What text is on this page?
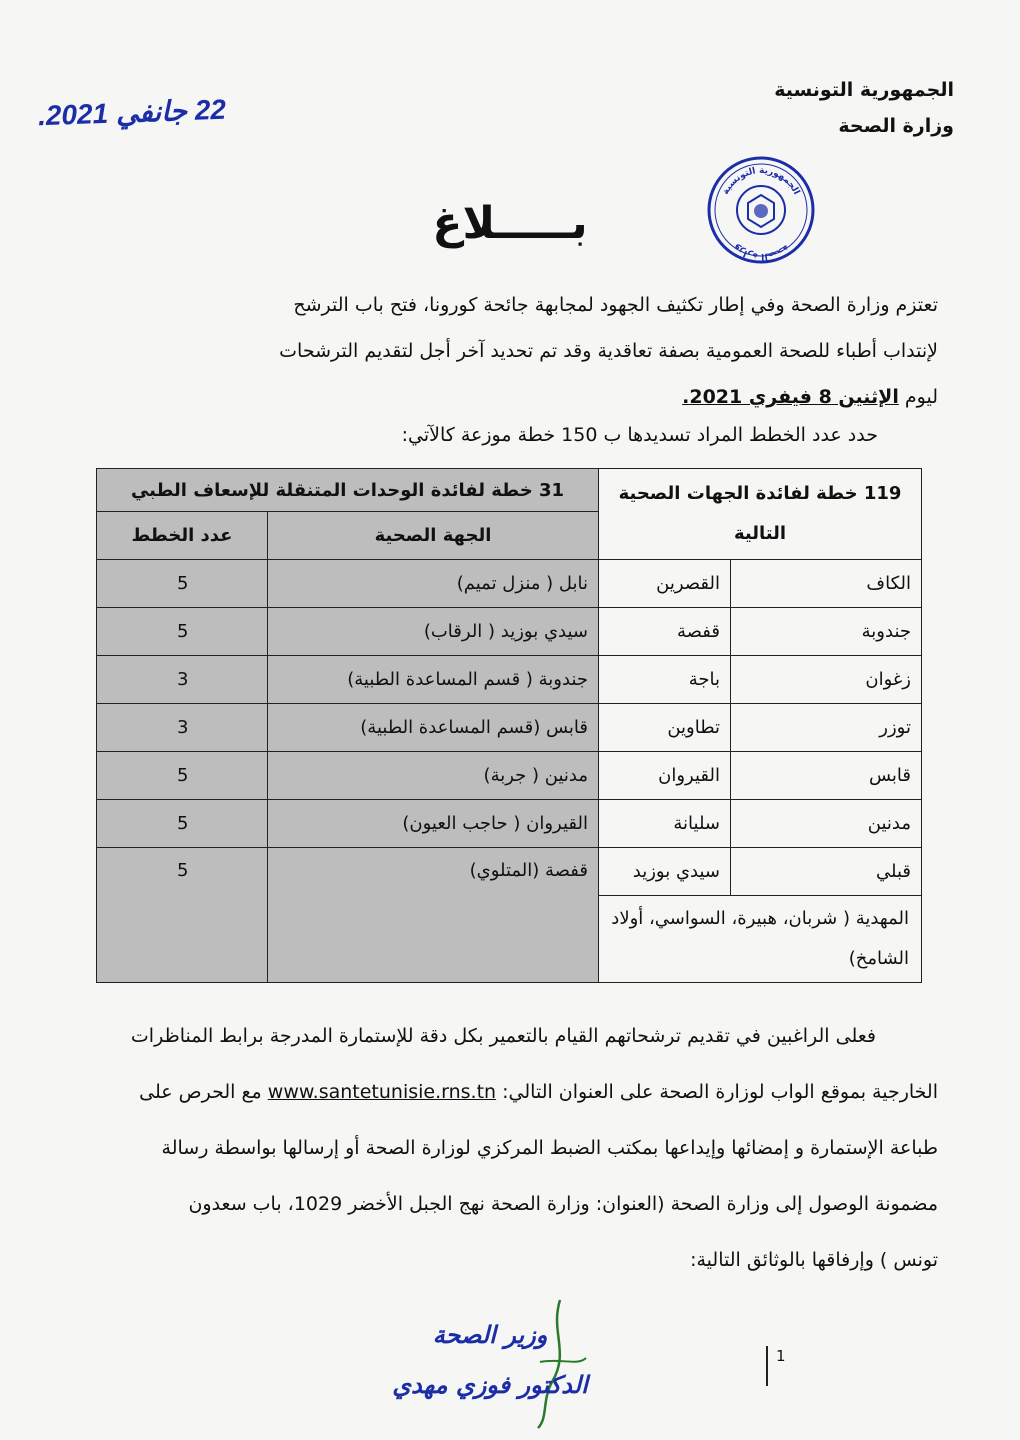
الجمهورية التونسية
وزارة الصحة
22 جانفي 2021.
الجمهورية التونسية
وزارة الصحة
بـــــلاغ

تعتزم وزارة الصحة وفي إطار تكثيف الجهود لمجابهة جائحة كورونا، فتح باب الترشح

لإنتداب أطباء للصحة العمومية بصفة تعاقدية وقد تم تحديد آخر أجل لتقديم الترشحات

ليوم الإثنين 8 فيفري 2021.

حدد عدد الخطط المراد تسديدها ب 150 خطة موزعة كالآتي:

119 خطة لفائدة الجهات الصحية التالية		31 خطة لفائدة الوحدات المتنقلة للإسعاف الطبي	
		الجهة الصحية	عدد الخطط
الكاف	القصرين	نابل ( منزل تميم)	5
جندوبة	قفصة	سيدي بوزيد ( الرقاب)	5
زغوان	باجة	جندوبة ( قسم المساعدة الطبية)	3
توزر	تطاوين	قابس (قسم المساعدة الطبية)	3
قابس	القيروان	مدنين ( جربة)	5
مدنين	سليانة	القيروان ( حاجب العيون)	5
قبلي	سيدي بوزيد	قفصة (المتلوي)	5
المهدية ( شربان، هبيرة، السواسي، أولاد الشامخ)			

فعلى الراغبين في تقديم ترشحاتهم القيام بالتعمير بكل دقة للإستمارة المدرجة برابط المناظرات

الخارجية بموقع الواب لوزارة الصحة على العنوان التالي: www.santetunisie.rns.tn مع الحرص على

طباعة الإستمارة و إمضائها وإيداعها بمكتب الضبط المركزي لوزارة الصحة أو إرسالها بواسطة رسالة

مضمونة الوصول إلى وزارة الصحة (العنوان: وزارة الصحة نهج الجبل الأخضر 1029، باب سعدون

تونس ) وإرفاقها بالوثائق التالية:

وزير الصحة
الدكتور فوزي مهدي
1
